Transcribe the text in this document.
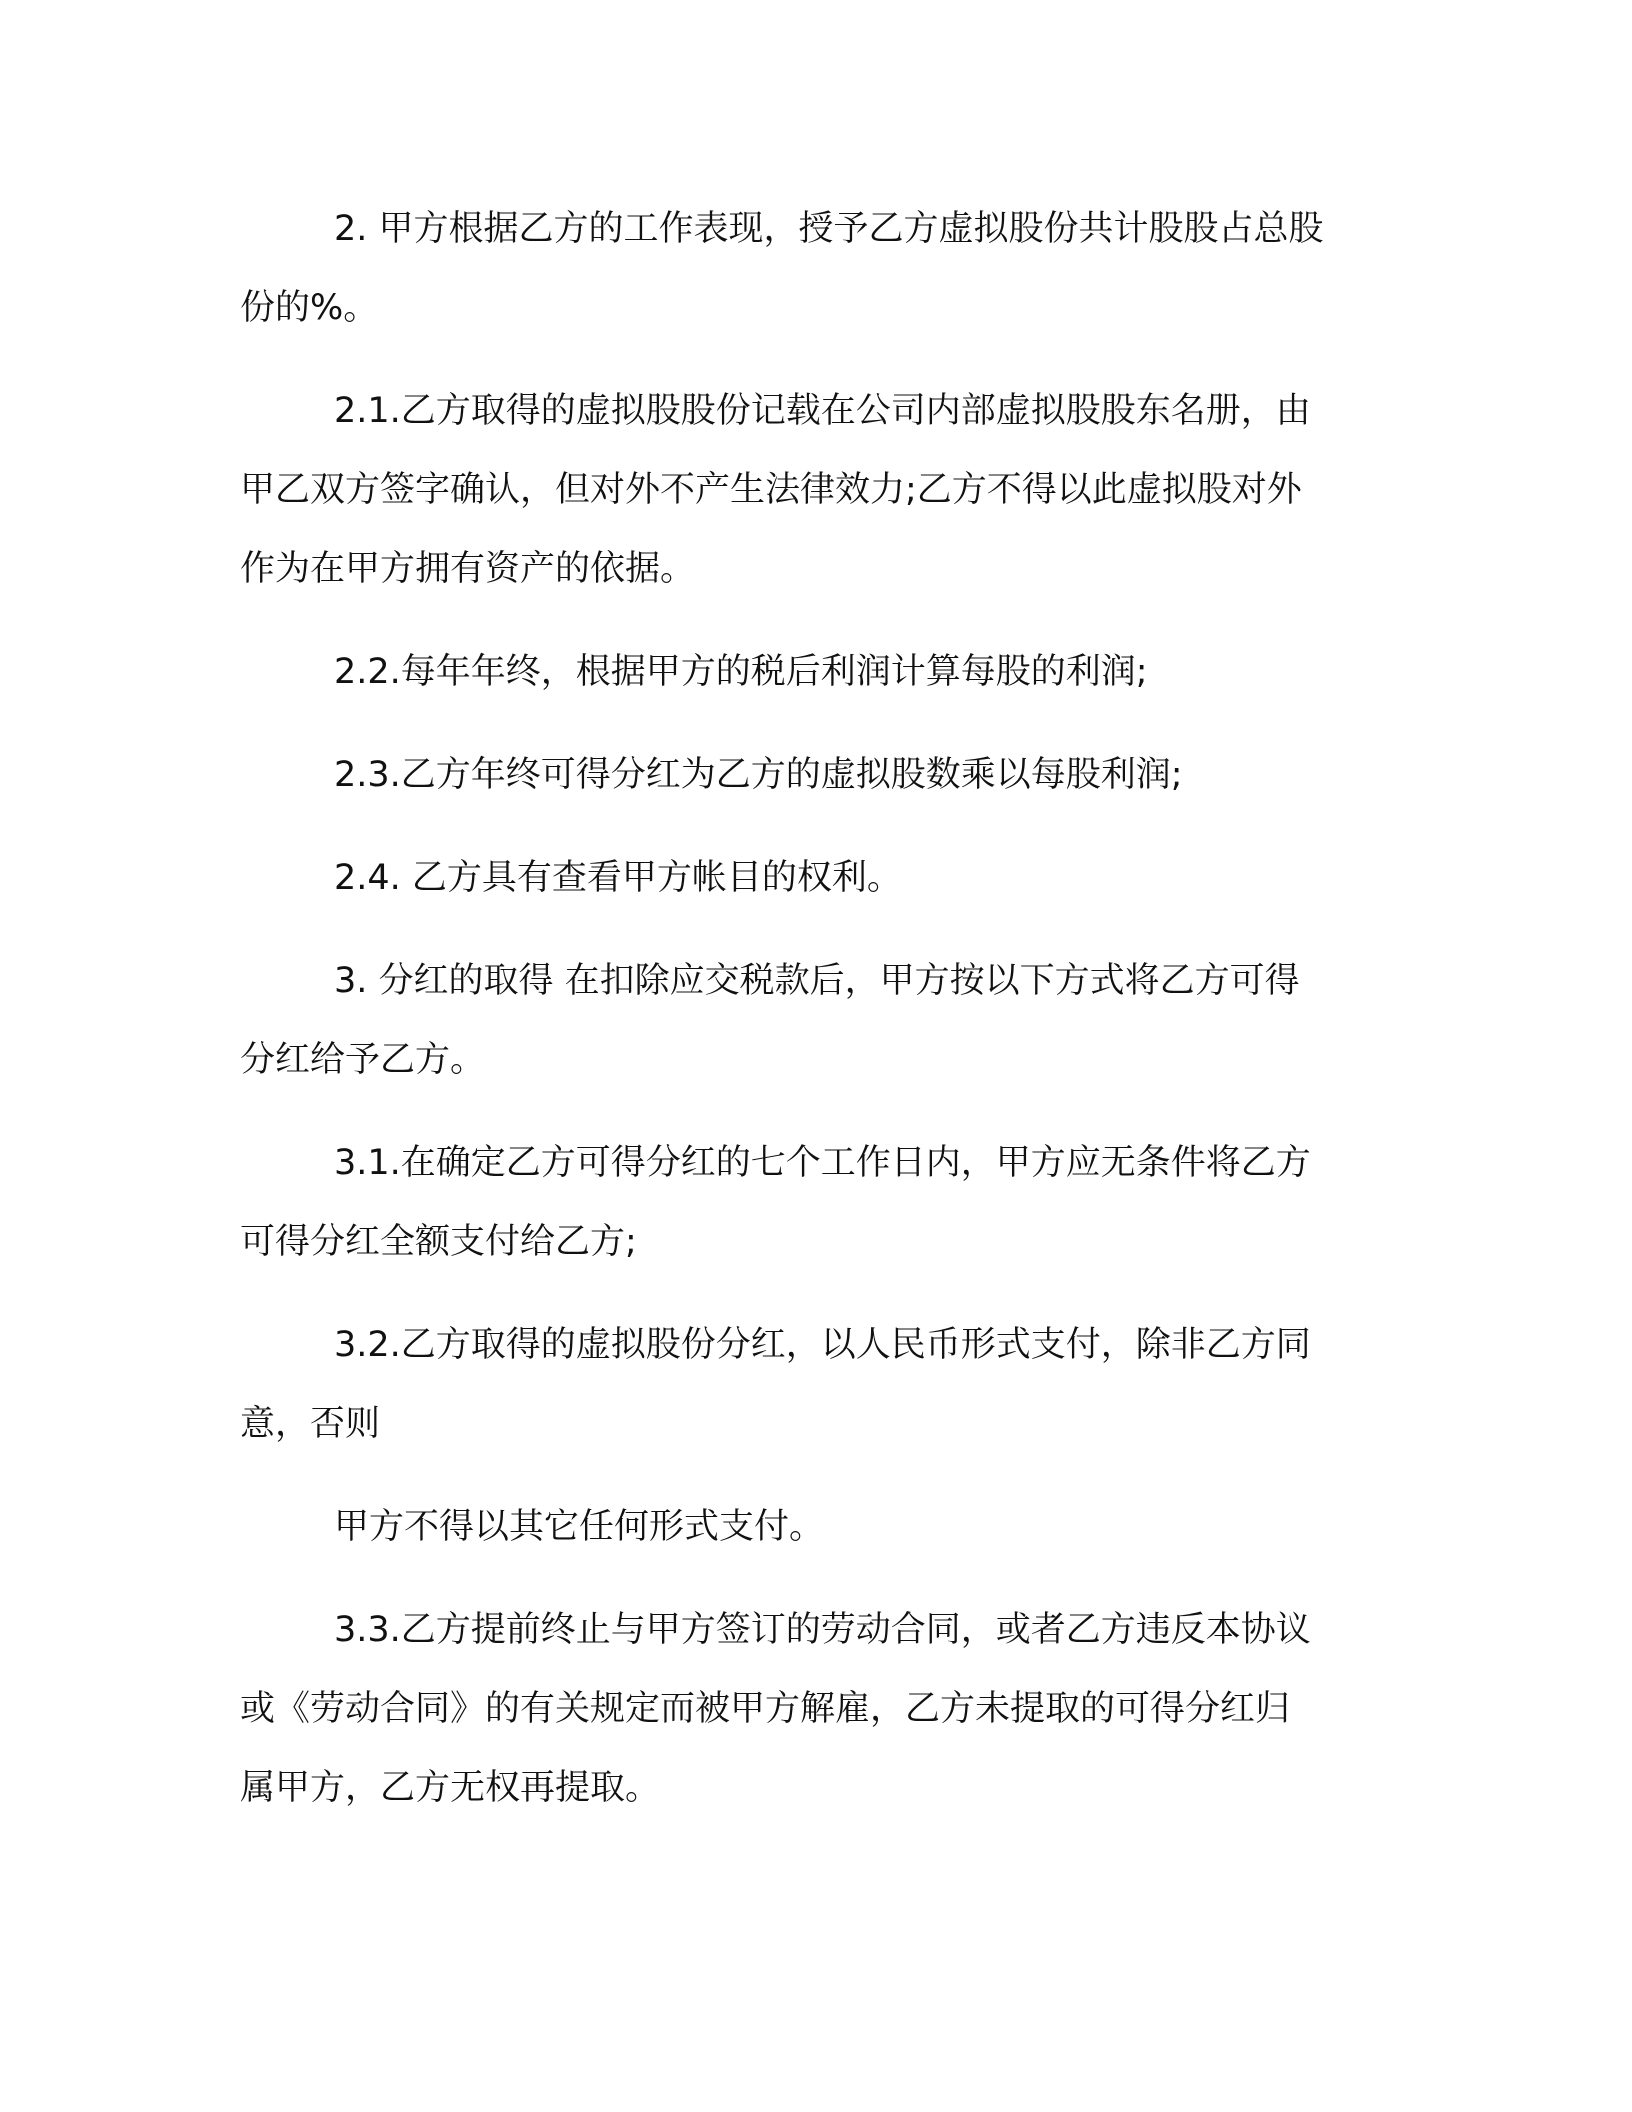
2. 甲方根据乙方的工作表现，授予乙方虚拟股份共计股股占总股
份的%。
2.1.乙方取得的虚拟股股份记载在公司内部虚拟股股东名册，由
甲乙双方签字确认，但对外不产生法律效力;乙方不得以此虚拟股对外
作为在甲方拥有资产的依据。
2.2.每年年终，根据甲方的税后利润计算每股的利润;
2.3.乙方年终可得分红为乙方的虚拟股数乘以每股利润;
2.4. 乙方具有查看甲方帐目的权利。
3. 分红的取得 在扣除应交税款后，甲方按以下方式将乙方可得
分红给予乙方。
3.1.在确定乙方可得分红的七个工作日内，甲方应无条件将乙方
可得分红全额支付给乙方;
3.2.乙方取得的虚拟股份分红，以人民币形式支付，除非乙方同
意，否则
甲方不得以其它任何形式支付。
3.3.乙方提前终止与甲方签订的劳动合同，或者乙方违反本协议
或《劳动合同》的有关规定而被甲方解雇，乙方未提取的可得分红归
属甲方，乙方无权再提取。
